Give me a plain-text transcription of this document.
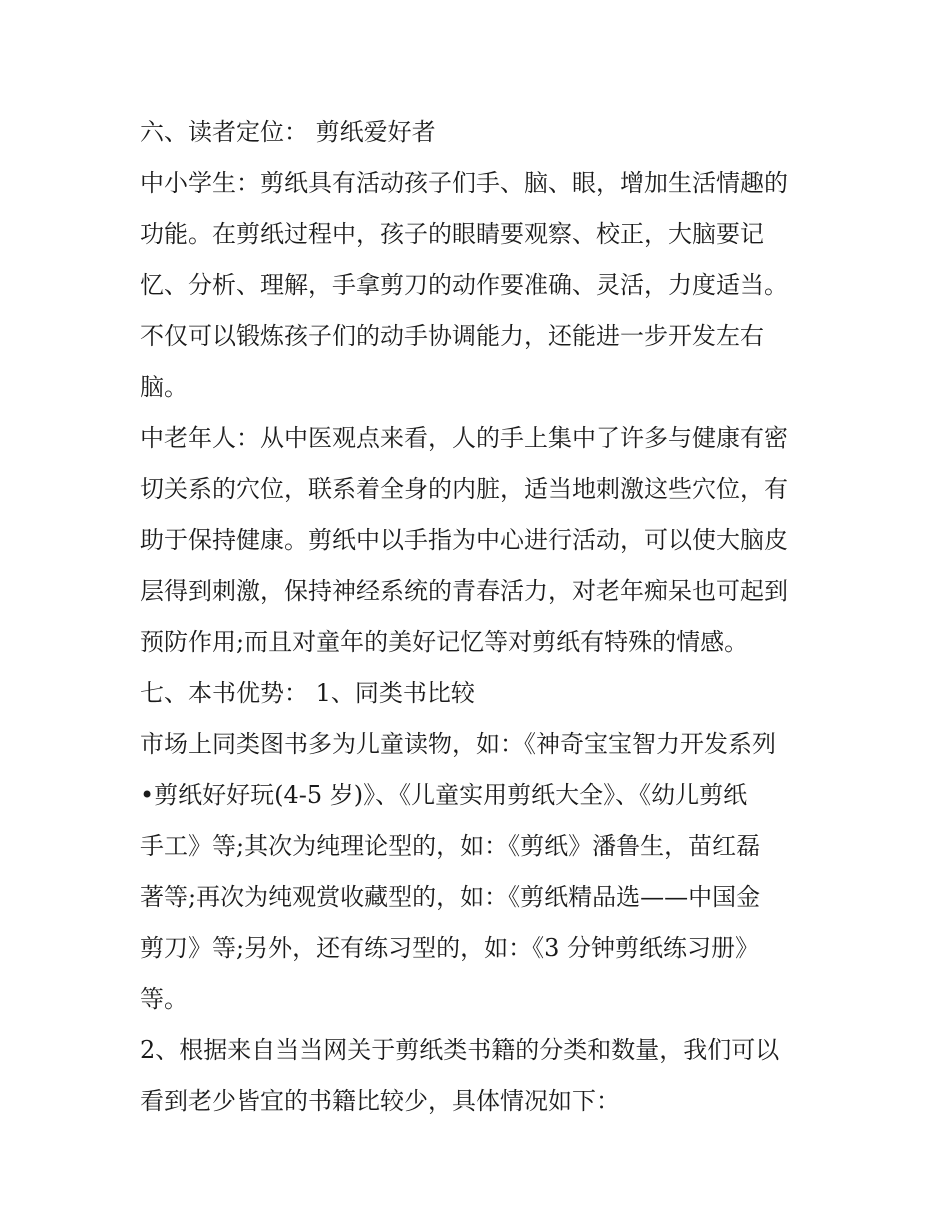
六、读者定位： 剪纸爱好者
中小学生：剪纸具有活动孩子们手、脑、眼，增加生活情趣的
功能。在剪纸过程中，孩子的眼睛要观察、校正，大脑要记
忆、分析、理解，手拿剪刀的动作要准确、灵活，力度适当。
不仅可以锻炼孩子们的动手协调能力，还能进一步开发左右
脑。
中老年人：从中医观点来看，人的手上集中了许多与健康有密
切关系的穴位，联系着全身的内脏，适当地刺激这些穴位，有
助于保持健康。剪纸中以手指为中心进行活动，可以使大脑皮
层得到刺激，保持神经系统的青春活力，对老年痴呆也可起到
预防作用;而且对童年的美好记忆等对剪纸有特殊的情感。
七、本书优势： 1、同类书比较
市场上同类图书多为儿童读物，如：《神奇宝宝智力开发系列
•剪纸好好玩(4-5 岁)》、《儿童实用剪纸大全》、《幼儿剪纸
手工》等;其次为纯理论型的，如：《剪纸》潘鲁生，苗红磊
著等;再次为纯观赏收藏型的，如：《剪纸精品选——中国金
剪刀》等;另外，还有练习型的，如：《3 分钟剪纸练习册》
等。
2、根据来自当当网关于剪纸类书籍的分类和数量，我们可以
看到老少皆宜的书籍比较少，具体情况如下：
